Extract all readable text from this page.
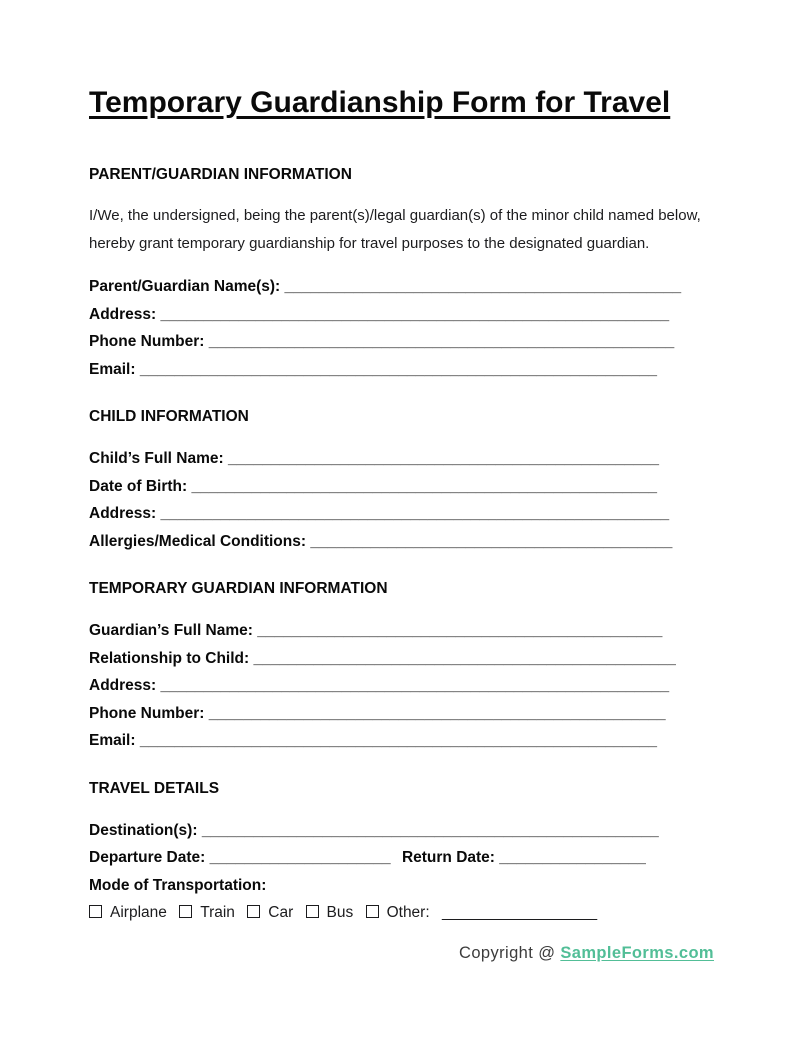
Temporary Guardianship Form for Travel
PARENT/GUARDIAN INFORMATION

I/We, the undersigned, being the parent(s)/legal guardian(s) of the minor child named below, hereby grant temporary guardianship for travel purposes to the designated guardian.

Parent/Guardian Name(s): ______________________________________________
Address: ___________________________________________________________
Phone Number: ______________________________________________________
Email: ____________________________________________________________
CHILD INFORMATION
Child’s Full Name: __________________________________________________
Date of Birth: ______________________________________________________
Address: ___________________________________________________________
Allergies/Medical Conditions: __________________________________________
TEMPORARY GUARDIAN INFORMATION
Guardian’s Full Name: _______________________________________________
Relationship to Child: _________________________________________________
Address: ___________________________________________________________
Phone Number: _____________________________________________________
Email: ____________________________________________________________
TRAVEL DETAILS
Destination(s): _____________________________________________________
Departure Date: _____________________ Return Date: _________________
Mode of Transportation:
Airplane Train Car Bus Other: __________________
Copyright @ SampleForms.com
